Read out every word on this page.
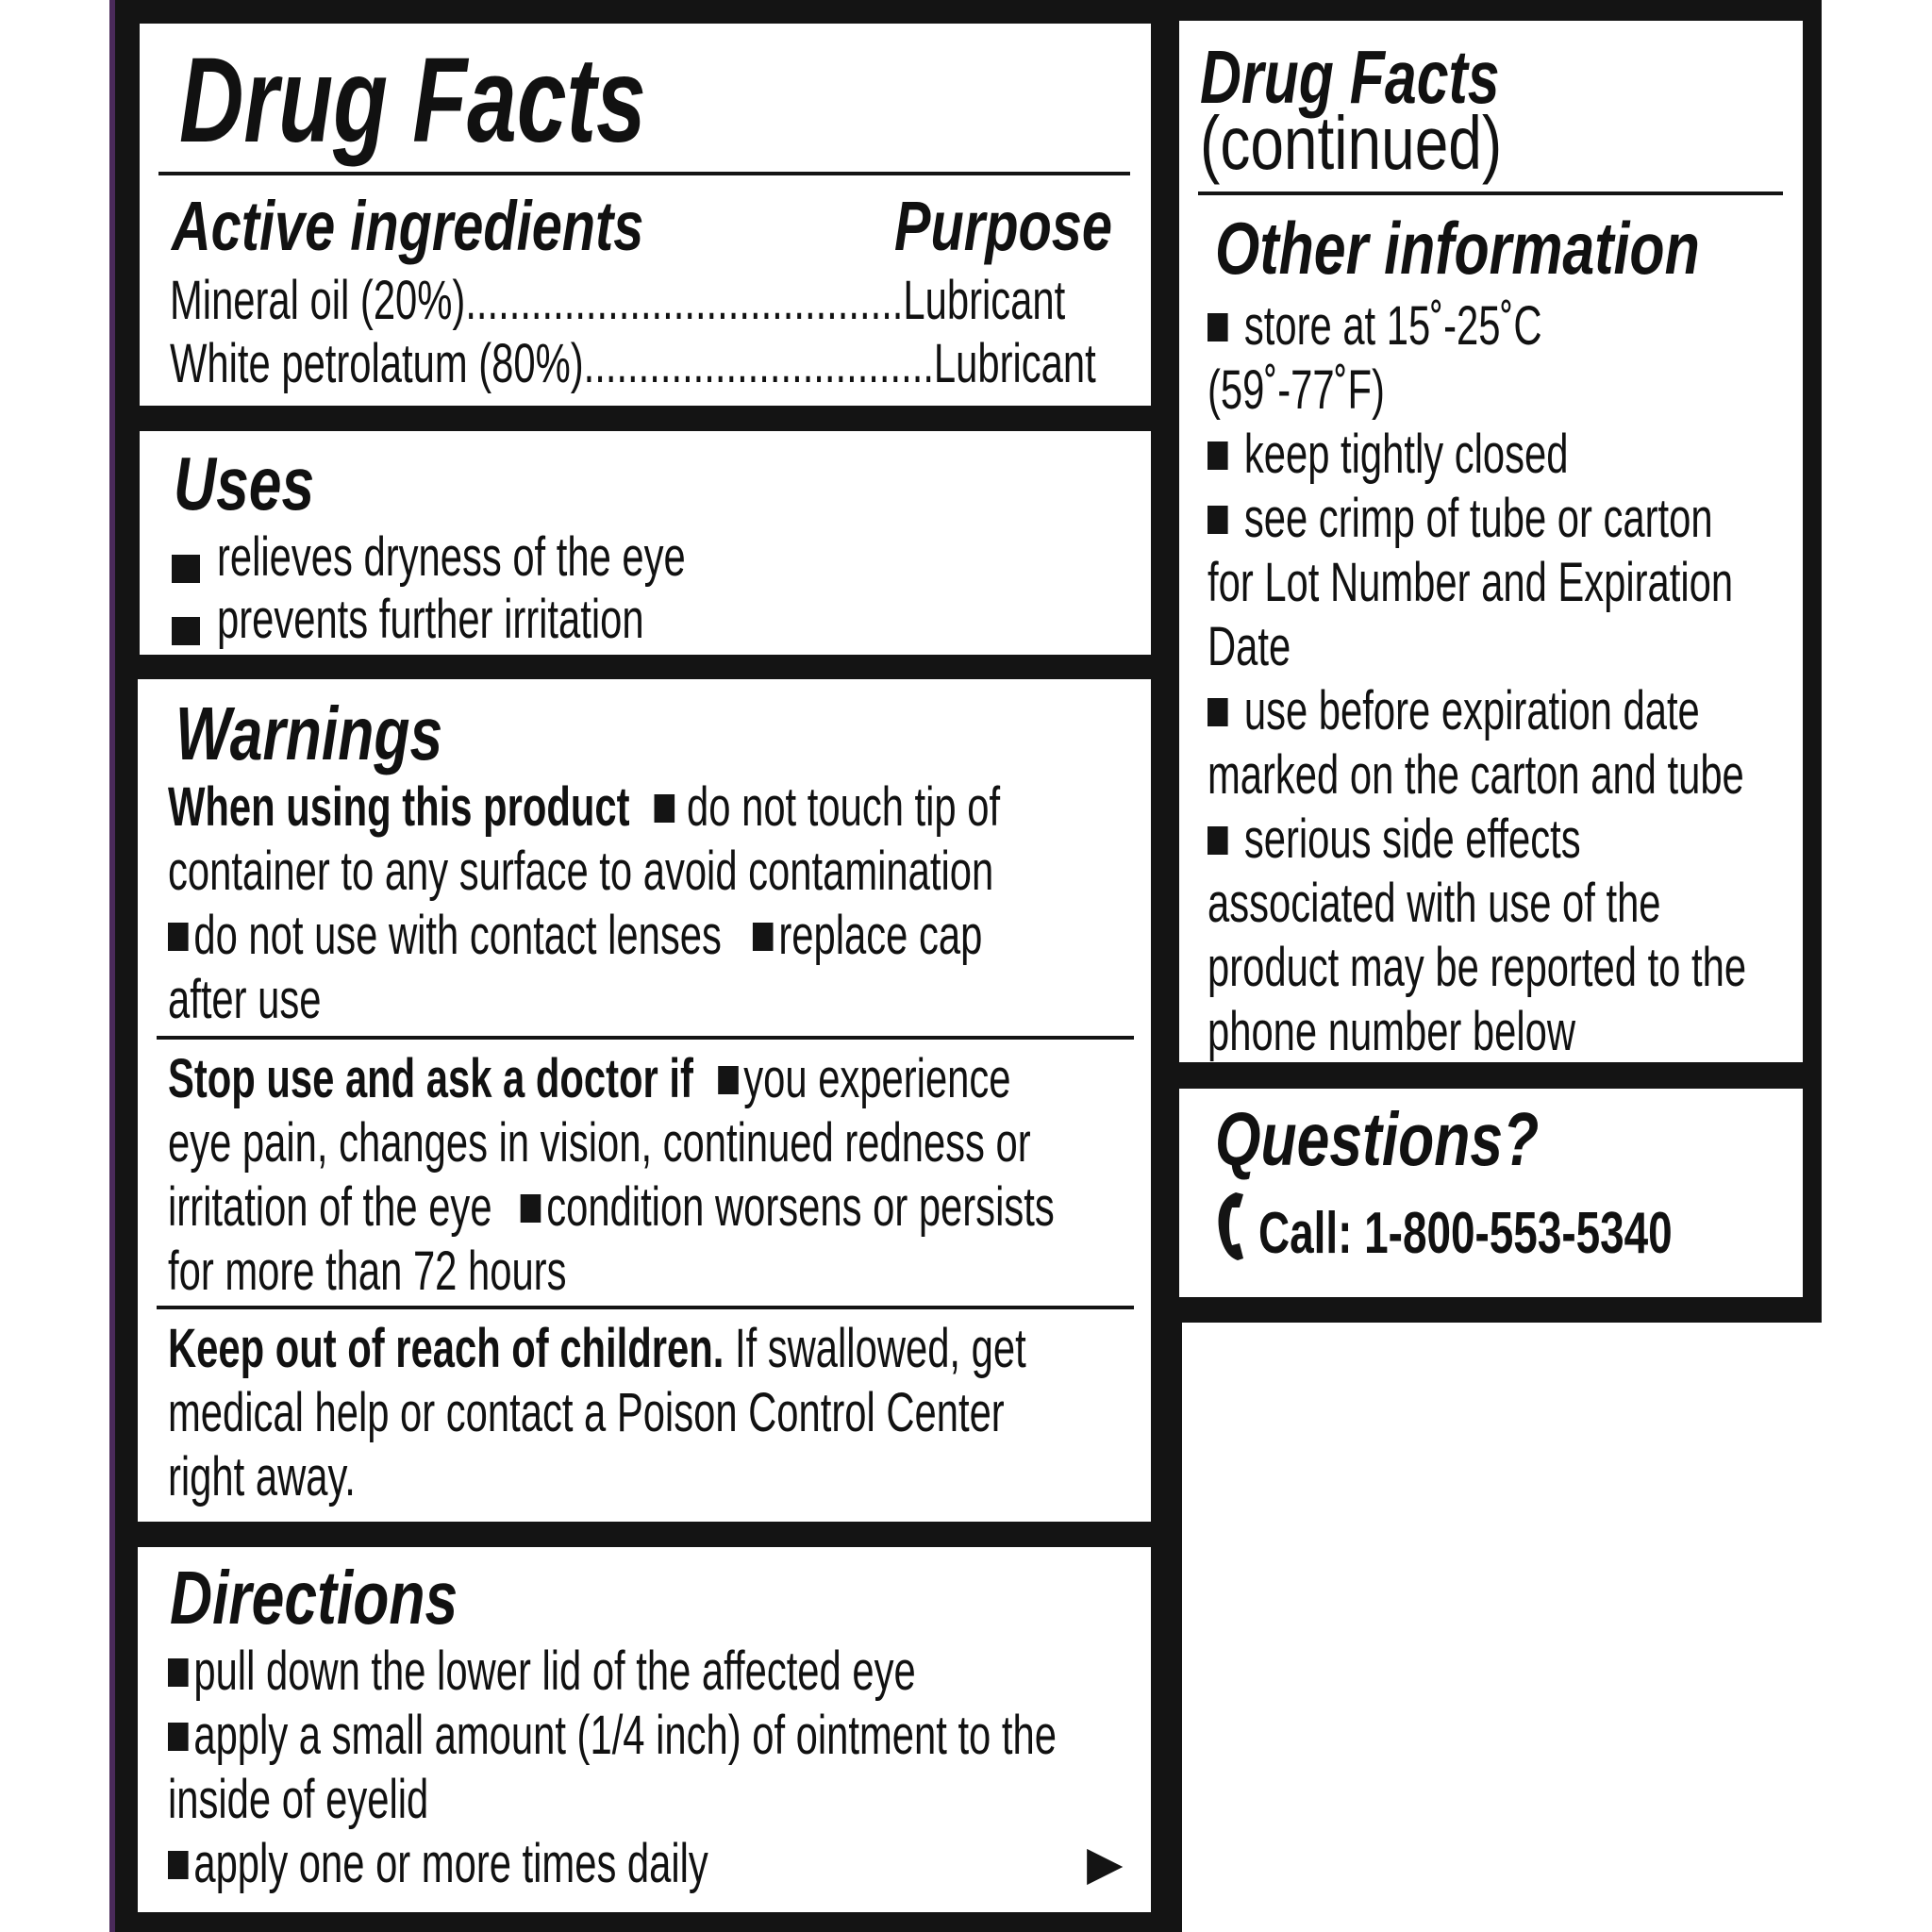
Drug Facts
Active ingredients	Purpose
Mineral oil (20%)........................................Lubricant
White petrolatum (80%)................................Lubricant
Uses
relieves dryness of the eye
prevents further irritation
Warnings
When using this product do not touch tip of
container to any surface to avoid contamination
do not use with contact lenses replace cap
after use
Stop use and ask a doctor if you experience
eye pain, changes in vision, continued redness or
irritation of the eye condition worsens or persists
for more than 72 hours
Keep out of reach of children. If swallowed, get
medical help or contact a Poison Control Center
right away.
Directions
pull down the lower lid of the affected eye
apply a small amount (1/4 inch) of ointment to the
inside of eyelid
apply one or more times daily	▶
Drug Facts
(continued)
Other information
store at 15˚-25˚C
(59˚-77˚F)
keep tightly closed
see crimp of tube or carton
for Lot Number and Expiration
Date
use before expiration date
marked on the carton and tube
serious side effects
associated with use of the
product may be reported to the
phone number below
Questions?
Call: 1-800-553-5340
